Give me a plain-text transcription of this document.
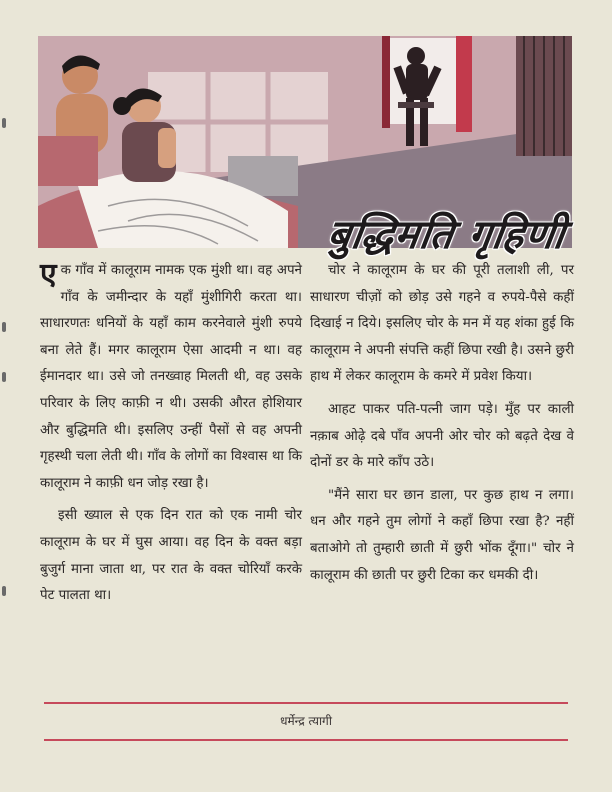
बुद्धिमति गृहिणी

एक गाँव में कालूराम नामक एक मुंशी था। वह अपने गाँव के जमीन्दार के यहाँ मुंशीगिरी करता था। साधारणतः धनियों के यहाँ काम करनेवाले मुंशी रुपये बना लेते हैं। मगर कालूराम ऐसा आदमी न था। वह ईमानदार था। उसे जो तनख्वाह मिलती थी, वह उसके परिवार के लिए काफ़ी न थी। उसकी औरत होशियार और बुद्धिमति थी। इसलिए उन्हीं पैसों से वह अपनी गृहस्थी चला लेती थी। गाँव के लोगों का विश्वास था कि कालूराम ने काफ़ी धन जोड़ रखा है।

इसी ख्याल से एक दिन रात को एक नामी चोर कालूराम के घर में घुस आया। वह दिन के वक्त बड़ा बुजुर्ग माना जाता था, पर रात के वक्त चोरियाँ करके पेट पालता था।

चोर ने कालूराम के घर की पूरी तलाशी ली, पर साधारण चीज़ों को छोड़ उसे गहने व रुपये-पैसे कहीं दिखाई न दिये। इसलिए चोर के मन में यह शंका हुई कि कालूराम ने अपनी संपत्ति कहीं छिपा रखी है। उसने छुरी हाथ में लेकर कालूराम के कमरे में प्रवेश किया।

आहट पाकर पति-पत्नी जाग पड़े। मुँह पर काली नक़ाब ओढ़े दबे पाँव अपनी ओर चोर को बढ़ते देख वे दोनों डर के मारे काँप उठे।

"मैंने सारा घर छान डाला, पर कुछ हाथ न लगा। धन और गहने तुम लोगों ने कहाँ छिपा रखा है? नहीं बताओगे तो तुम्हारी छाती में छुरी भोंक दूँगा।" चोर ने कालूराम की छाती पर छुरी टिका कर धमकी दी।

धर्मेन्द्र त्यागी
